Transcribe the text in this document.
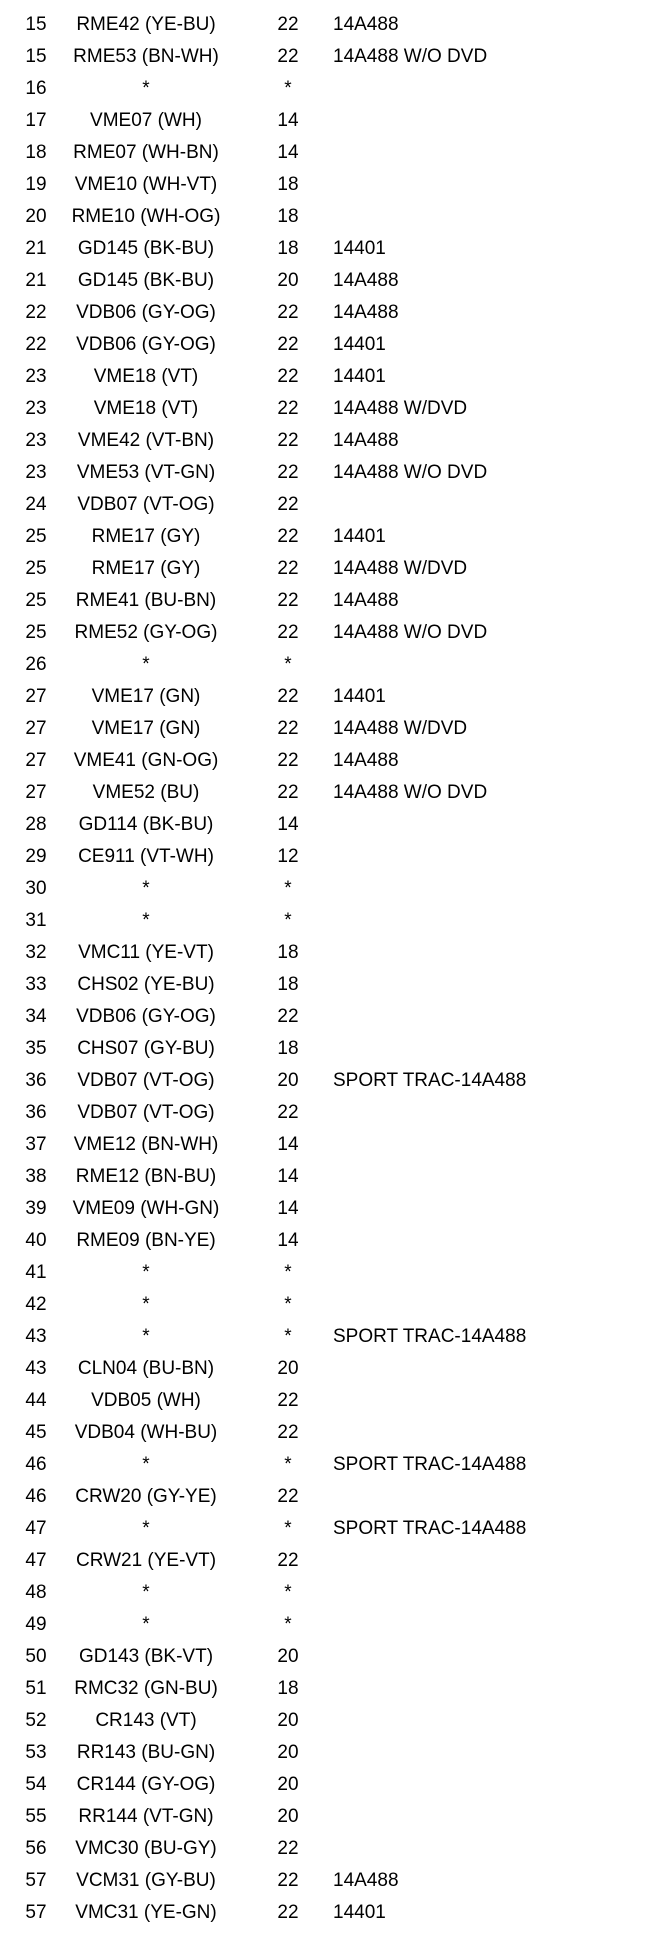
15	RME42 (YE-BU)	22	14A488
15	RME53 (BN-WH)	22	14A488 W/O DVD
16	*	*
17	VME07 (WH)	14
18	RME07 (WH-BN)	14
19	VME10 (WH-VT)	18
20	RME10 (WH-OG)	18
21	GD145 (BK-BU)	18	14401
21	GD145 (BK-BU)	20	14A488
22	VDB06 (GY-OG)	22	14A488
22	VDB06 (GY-OG)	22	14401
23	VME18 (VT)	22	14401
23	VME18 (VT)	22	14A488 W/DVD
23	VME42 (VT-BN)	22	14A488
23	VME53 (VT-GN)	22	14A488 W/O DVD
24	VDB07 (VT-OG)	22
25	RME17 (GY)	22	14401
25	RME17 (GY)	22	14A488 W/DVD
25	RME41 (BU-BN)	22	14A488
25	RME52 (GY-OG)	22	14A488 W/O DVD
26	*	*
27	VME17 (GN)	22	14401
27	VME17 (GN)	22	14A488 W/DVD
27	VME41 (GN-OG)	22	14A488
27	VME52 (BU)	22	14A488 W/O DVD
28	GD114 (BK-BU)	14
29	CE911 (VT-WH)	12
30	*	*
31	*	*
32	VMC11 (YE-VT)	18
33	CHS02 (YE-BU)	18
34	VDB06 (GY-OG)	22
35	CHS07 (GY-BU)	18
36	VDB07 (VT-OG)	20	SPORT TRAC-14A488
36	VDB07 (VT-OG)	22
37	VME12 (BN-WH)	14
38	RME12 (BN-BU)	14
39	VME09 (WH-GN)	14
40	RME09 (BN-YE)	14
41	*	*
42	*	*
43	*	*	SPORT TRAC-14A488
43	CLN04 (BU-BN)	20
44	VDB05 (WH)	22
45	VDB04 (WH-BU)	22
46	*	*	SPORT TRAC-14A488
46	CRW20 (GY-YE)	22
47	*	*	SPORT TRAC-14A488
47	CRW21 (YE-VT)	22
48	*	*
49	*	*
50	GD143 (BK-VT)	20
51	RMC32 (GN-BU)	18
52	CR143 (VT)	20
53	RR143 (BU-GN)	20
54	CR144 (GY-OG)	20
55	RR144 (VT-GN)	20
56	VMC30 (BU-GY)	22
57	VCM31 (GY-BU)	22	14A488
57	VMC31 (YE-GN)	22	14401
